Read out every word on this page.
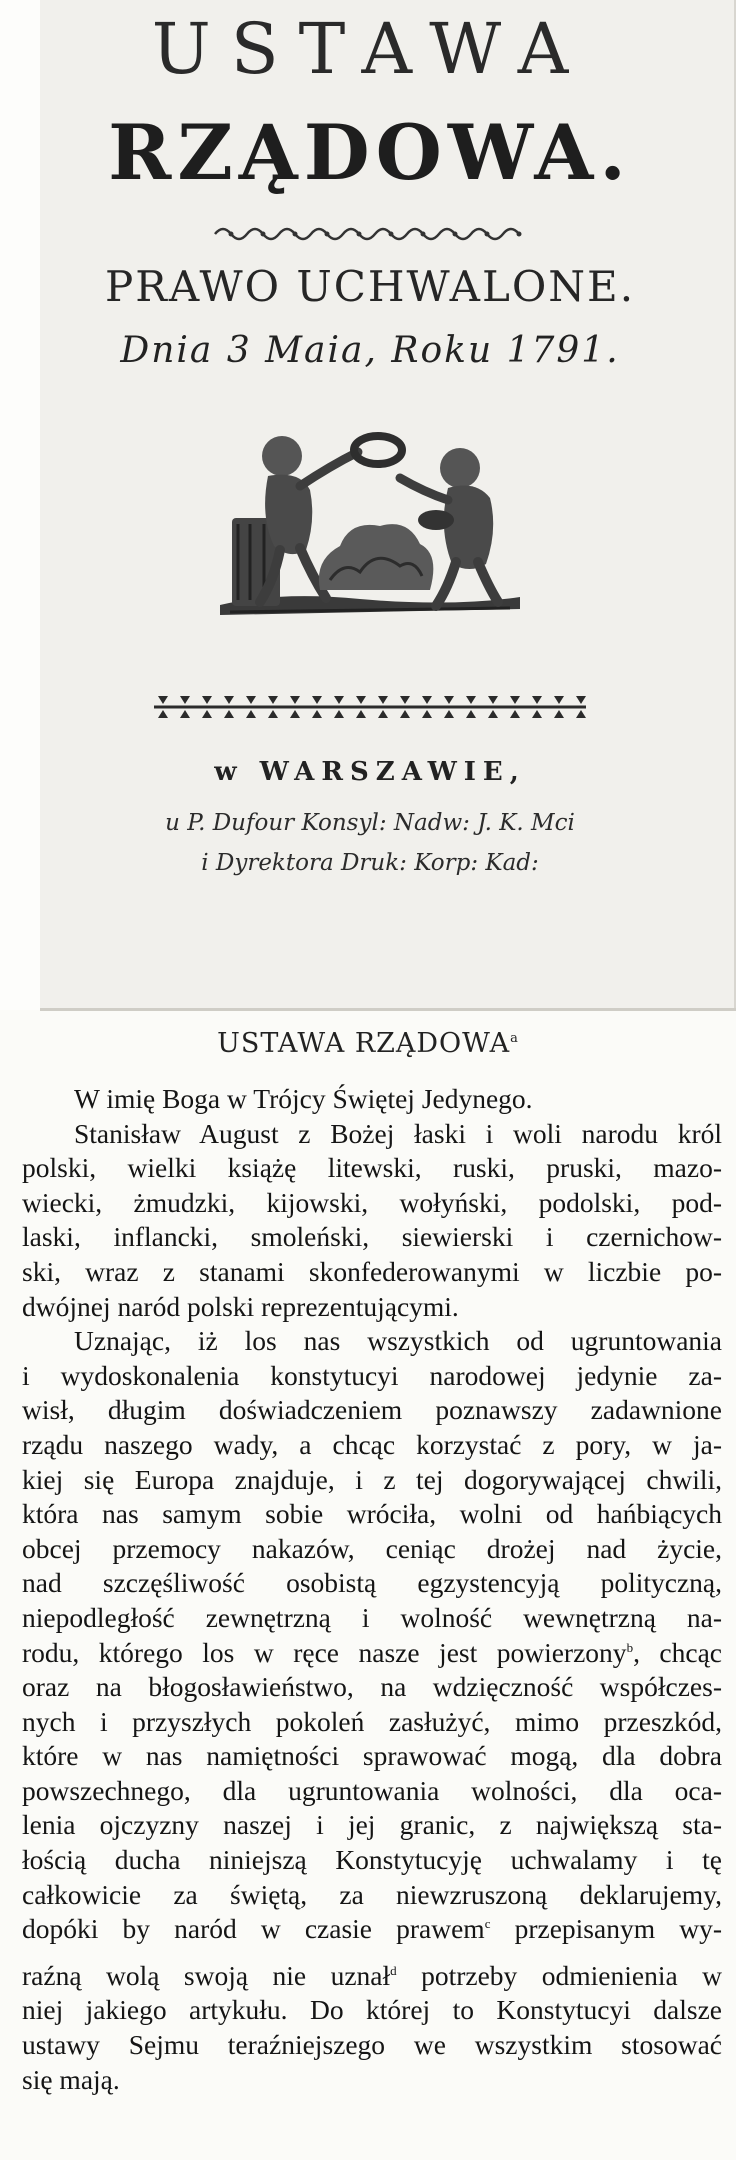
USTAWA
RZĄDOWA.
PRAWO UCHWALONE.
Dnia 3 Maia, Roku 1791.
w WARSZAWIE,
u P. Dufour Konsyl: Nadw: J. K. Mci
i Dyrektora Druk: Korp: Kad:
USTAWA RZĄDOWA$^a$
W imię Boga w Trójcy Świętej Jedynego.
Stanisław August z Bożej łaski i woli narodu król
polski, wielki książę litewski, ruski, pruski, mazo-
wiecki, żmudzki, kijowski, wołyński, podolski, pod-
laski, inflancki, smoleński, siewierski i czernichow-
ski, wraz z stanami skonfederowanymi w liczbie po-
dwójnej naród polski reprezentującymi.
Uznając, iż los nas wszystkich od ugruntowania
i wydoskonalenia konstytucyi narodowej jedynie za-
wisł, długim doświadczeniem poznawszy zadawnione
rządu naszego wady, a chcąc korzystać z pory, w ja-
kiej się Europa znajduje, i z tej dogorywającej chwili,
która nas samym sobie wróciła, wolni od hańbiących
obcej przemocy nakazów, ceniąc drożej nad życie,
nad szczęśliwość osobistą egzystencyją polityczną,
niepodległość zewnętrzną i wolność wewnętrzną na-
rodu, którego los w ręce nasze jest powierzony$^b$, chcąc
oraz na błogosławieństwo, na wdzięczność współczes-
nych i przyszłych pokoleń zasłużyć, mimo przeszkód,
które w nas namiętności sprawować mogą, dla dobra
powszechnego, dla ugruntowania wolności, dla oca-
lenia ojczyzny naszej i jej granic, z największą sta-
łością ducha niniejszą Konstytucyję uchwalamy i tę
całkowicie za świętą, za niewzruszoną deklarujemy,
dopóki by naród w czasie prawem$^c$ przepisanym wy-
raźną wolą swoją nie uznał$^d$ potrzeby odmienienia w
niej jakiego artykułu. Do której to Konstytucyi dalsze
ustawy Sejmu teraźniejszego we wszystkim stosować
się mają.
